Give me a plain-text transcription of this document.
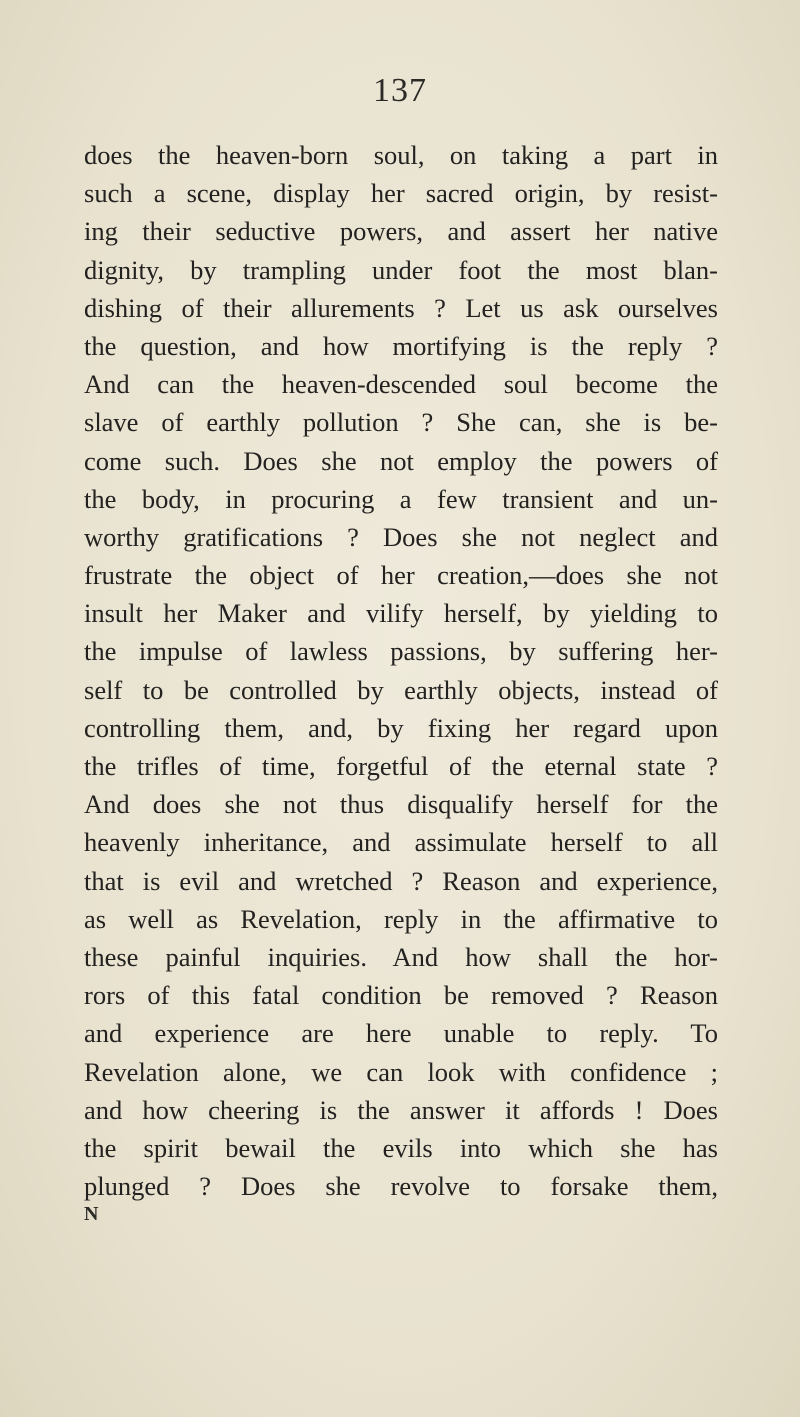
137
does the heaven-born soul, on taking a part in
such a scene, display her sacred origin, by resist-
ing their seductive powers, and assert her native
dignity, by trampling under foot the most blan-
dishing of their allurements ? Let us ask ourselves
the question, and how mortifying is the reply ?
And can the heaven-descended soul become the
slave of earthly pollution ? She can, she is be-
come such. Does she not employ the powers of
the body, in procuring a few transient and un-
worthy gratifications ? Does she not neglect and
frustrate the object of her creation,—does she not
insult her Maker and vilify herself, by yielding to
the impulse of lawless passions, by suffering her-
self to be controlled by earthly objects, instead of
controlling them, and, by fixing her regard upon
the trifles of time, forgetful of the eternal state ?
And does she not thus disqualify herself for the
heavenly inheritance, and assimulate herself to all
that is evil and wretched ? Reason and experience,
as well as Revelation, reply in the affirmative to
these painful inquiries. And how shall the hor-
rors of this fatal condition be removed ? Reason
and experience are here unable to reply. To
Revelation alone, we can look with confidence ;
and how cheering is the answer it affords ! Does
the spirit bewail the evils into which she has
plunged ? Does she revolve to forsake them,
N
